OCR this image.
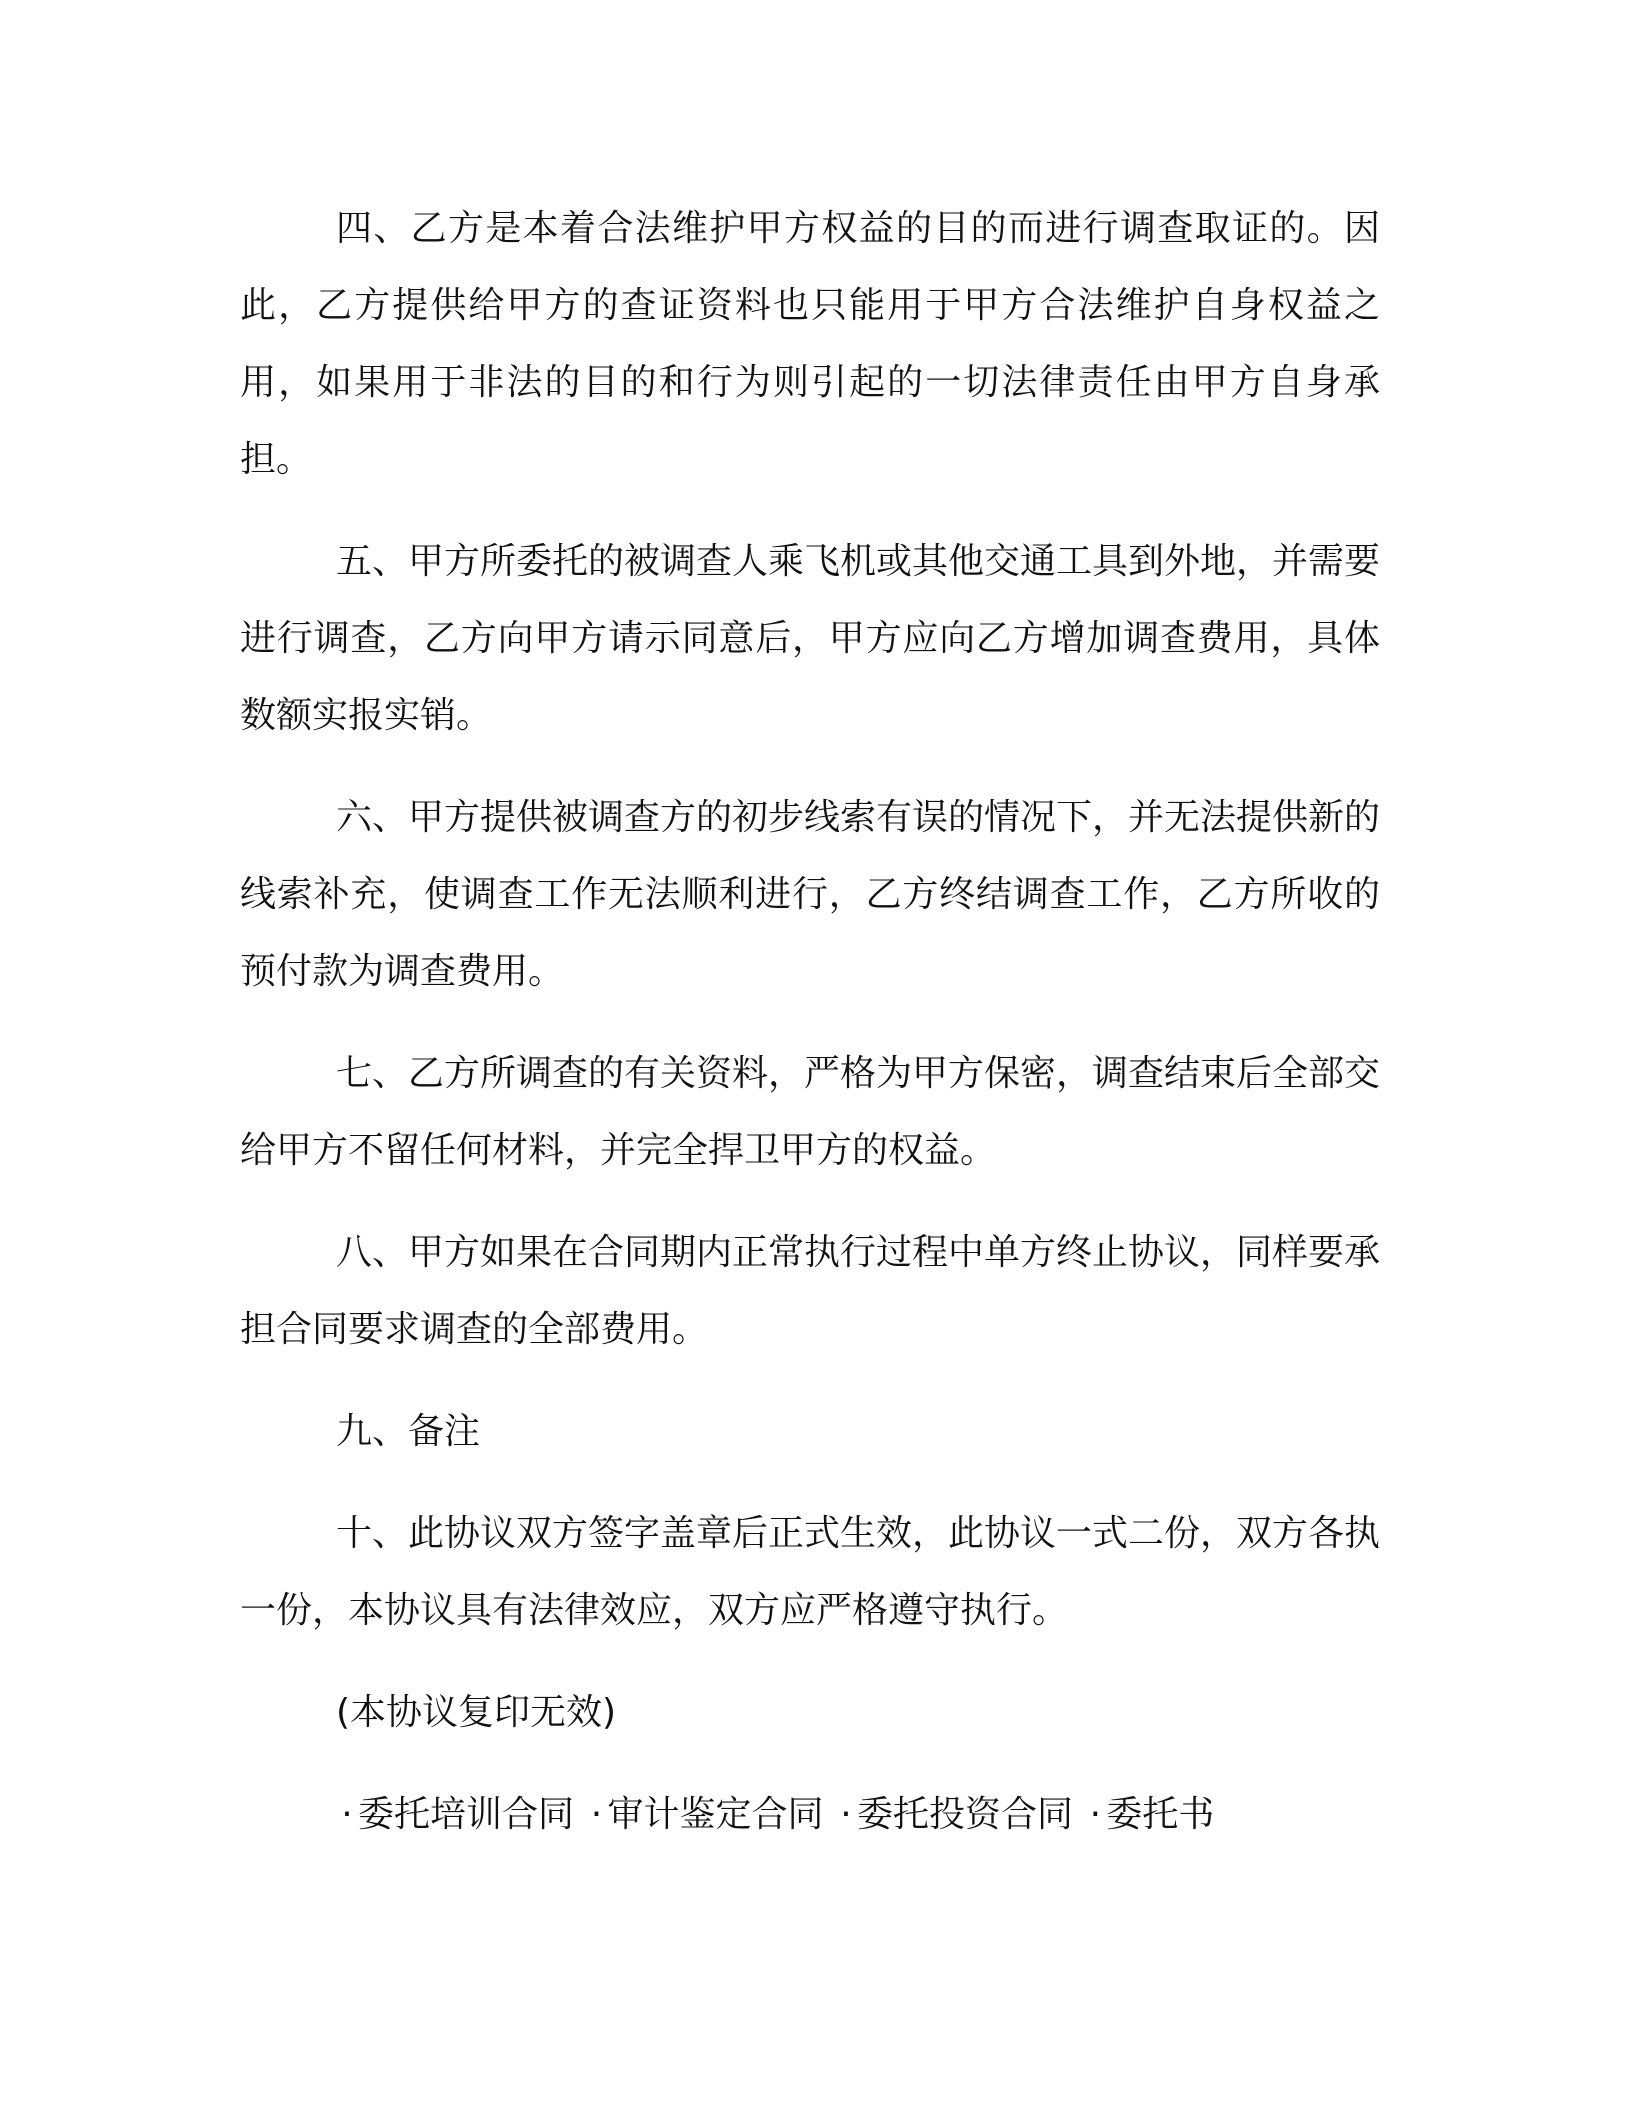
四、乙方是本着合法维护甲方权益的目的而进行调查取证的。因此，乙方提供给甲方的查证资料也只能用于甲方合法维护自身权益之用，如果用于非法的目的和行为则引起的一切法律责任由甲方自身承担。

五、甲方所委托的被调查人乘飞机或其他交通工具到外地，并需要进行调查，乙方向甲方请示同意后，甲方应向乙方增加调查费用，具体数额实报实销。

六、甲方提供被调查方的初步线索有误的情况下，并无法提供新的线索补充，使调查工作无法顺利进行，乙方终结调查工作，乙方所收的预付款为调查费用。

七、乙方所调查的有关资料，严格为甲方保密，调查结束后全部交给甲方不留任何材料，并完全捍卫甲方的权益。

八、甲方如果在合同期内正常执行过程中单方终止协议，同样要承担合同要求调查的全部费用。

九、备注

十、此协议双方签字盖章后正式生效，此协议一式二份，双方各执一份，本协议具有法律效应，双方应严格遵守执行。

(本协议复印无效)

· 委托培训合同 · 审计鉴定合同 · 委托投资合同 · 委托书
